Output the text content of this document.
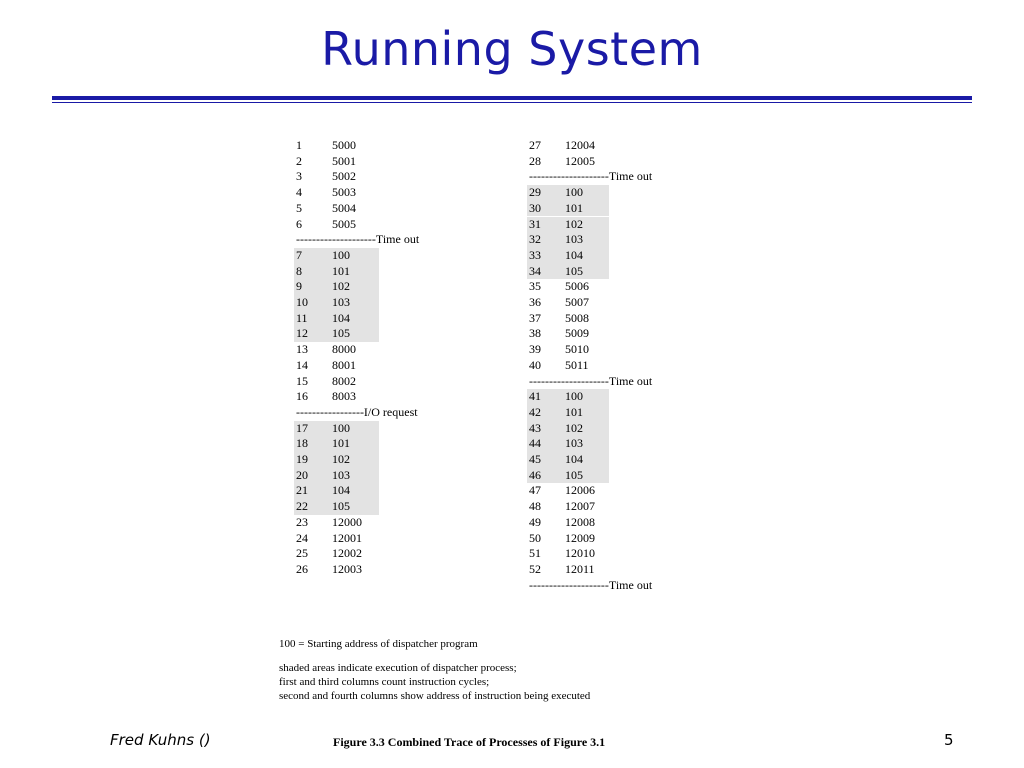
Running System
1	5000
2	5001
3	5002
4	5003
5	5004
6	5005
--------------------Time out
7	100
8	101
9	102
10 103
11 104
12 105
13 8000
14 8001
15 8002
16 8003
-----------------I/O request
17 100
18 101
19 102
20 103
21 104
22 105
23 12000
24 12001
25 12002
26 12003
27 12004
28 12005
--------------------Time out
29 100
30 101
31 102
32 103
33 104
34 105
35 5006
36 5007
37 5008
38 5009
39 5010
40 5011
--------------------Time out
41 100
42 101
43 102
44 103
45 104
46 105
47 12006
48 12007
49 12008
50 12009
51 12010
52 12011
--------------------Time out
100 = Starting address of dispatcher program
shaded areas indicate execution of dispatcher process;
first and third columns count instruction cycles;
second and fourth columns show address of instruction being executed
Fred Kuhns ()	Figure 3.3 Combined Trace of Processes of Figure 3.1	5
